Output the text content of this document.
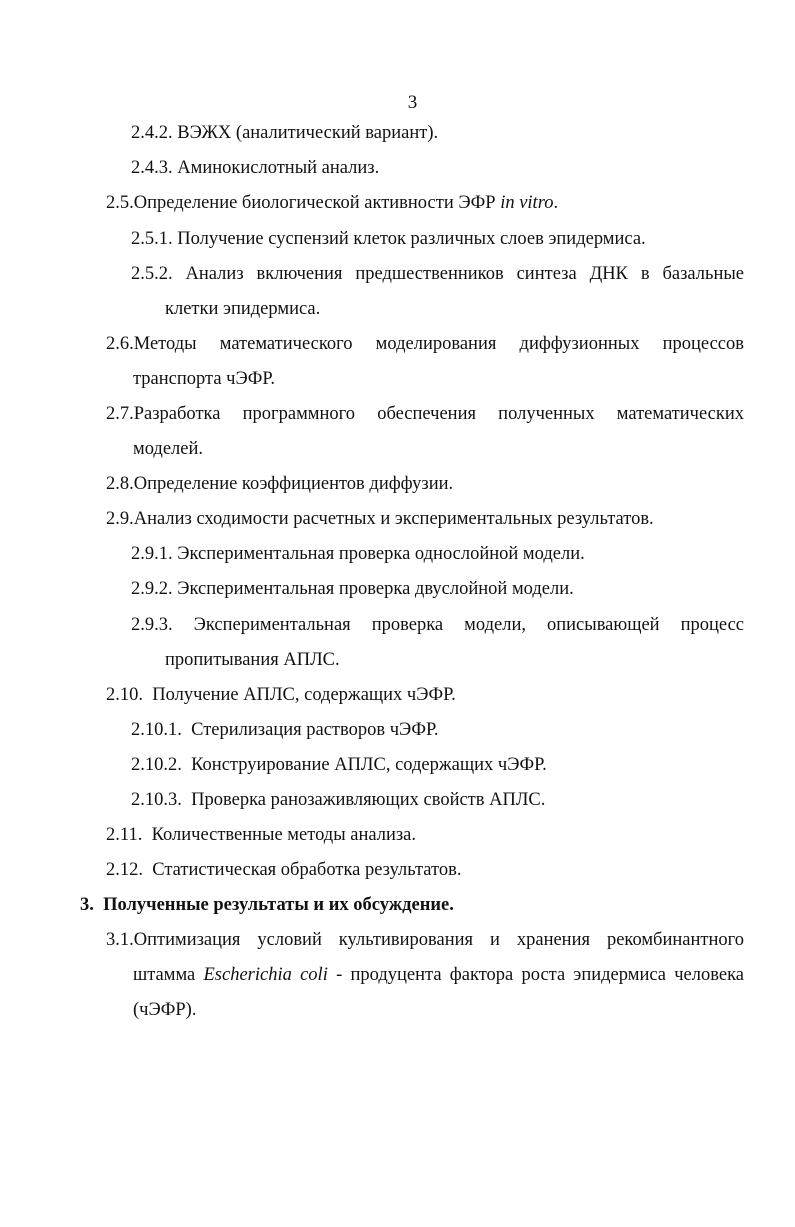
3
2.4.2. ВЭЖХ (аналитический вариант).
2.4.3. Аминокислотный анализ.
2.5.Определение биологической активности ЭФР in vitro.
2.5.1. Получение суспензий клеток различных слоев эпидермиса.
2.5.2. Анализ включения предшественников синтеза ДНК в базальные
клетки эпидермиса.
2.6.Методы математического моделирования диффузионных процессов
транспорта чЭФР.
2.7.Разработка программного обеспечения полученных математических
моделей.
2.8.Определение коэффициентов диффузии.
2.9.Анализ сходимости расчетных и экспериментальных результатов.
2.9.1. Экспериментальная проверка однослойной модели.
2.9.2. Экспериментальная проверка двуслойной модели.
2.9.3. Экспериментальная проверка модели, описывающей процесс
пропитывания АПЛС.
2.10. Получение АПЛС, содержащих чЭФР.
2.10.1. Стерилизация растворов чЭФР.
2.10.2. Конструирование АПЛС, содержащих чЭФР.
2.10.3. Проверка ранозаживляющих свойств АПЛС.
2.11. Количественные методы анализа.
2.12. Статистическая обработка результатов.
3. Полученные результаты и их обсуждение.
3.1.Оптимизация условий культивирования и хранения рекомбинантного
штамма Escherichia coli - продуцента фактора роста эпидермиса человека
(чЭФР).
